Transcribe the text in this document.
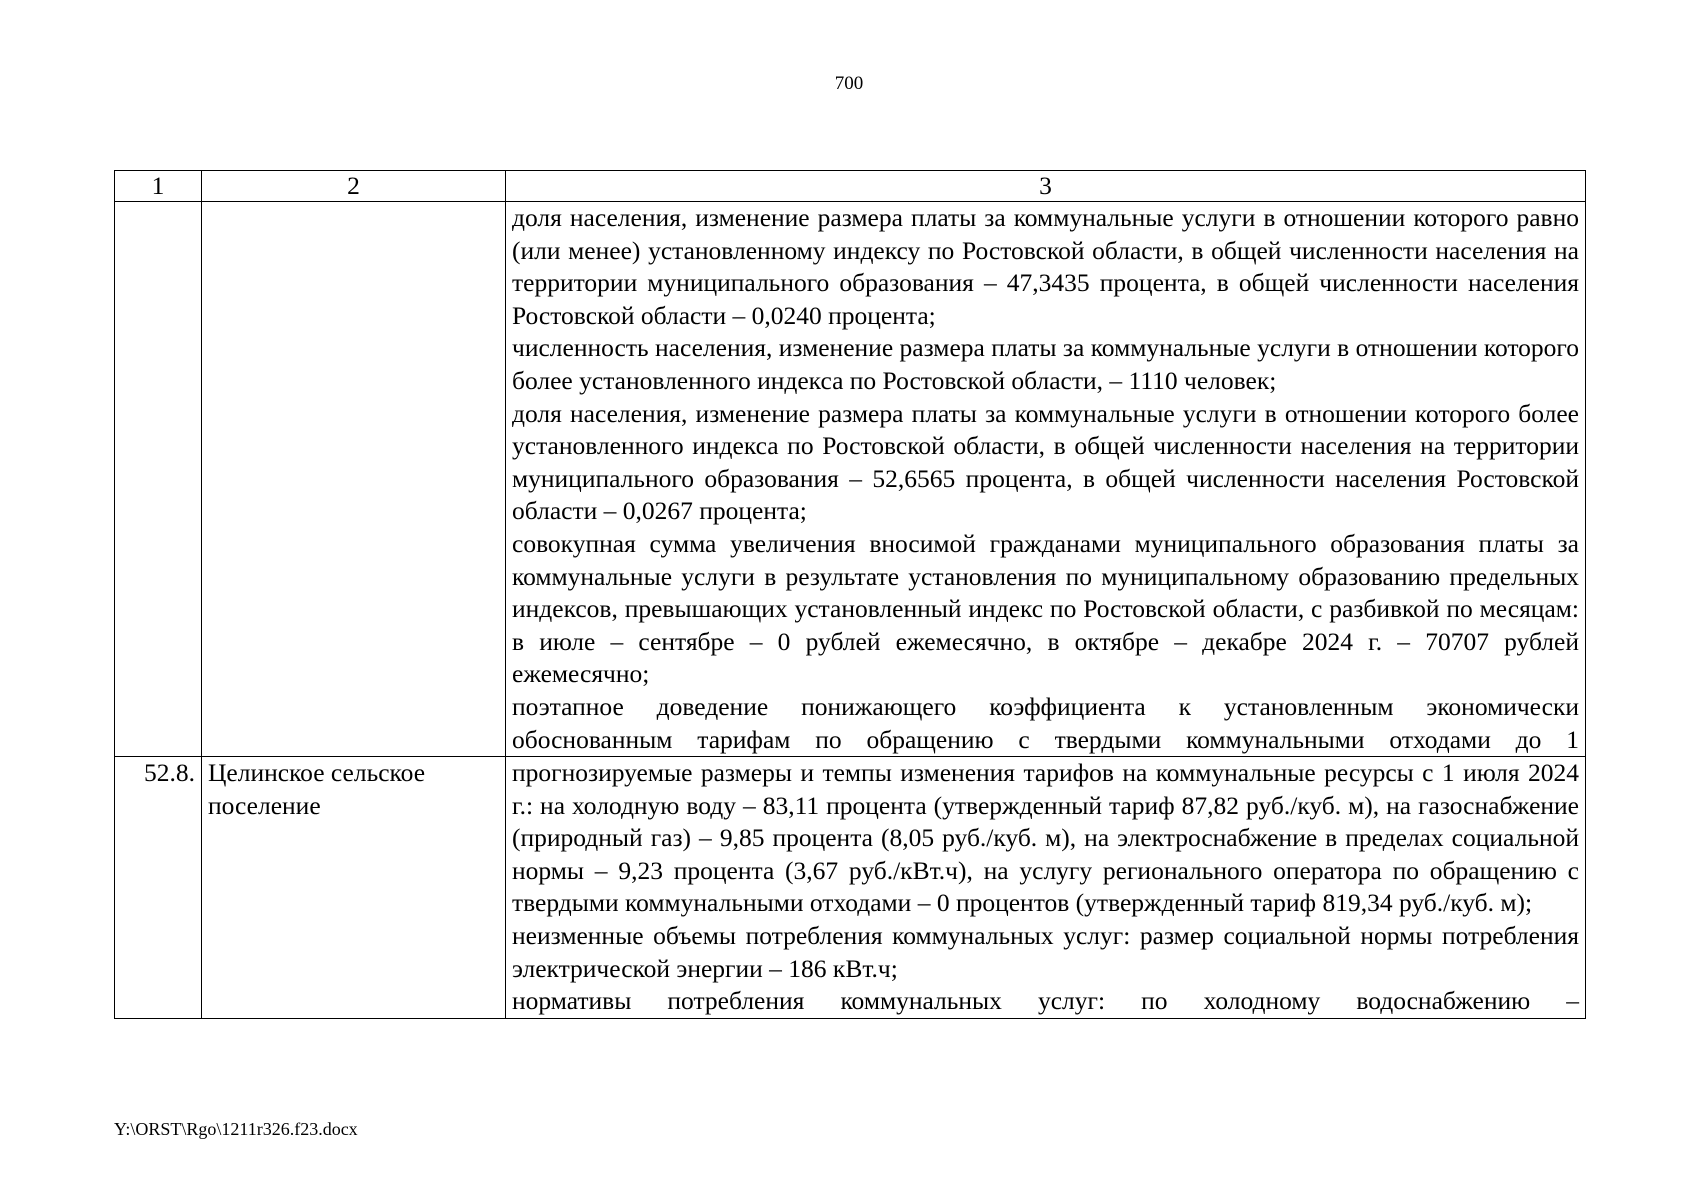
700
1	2	3

		доля населения, изменение размера платы за коммунальные услуги в отношении которого равно (или менее) установленному индексу по Ростовской области, в общей численности населения на территории муниципального образования – 47,3435 процента, в общей численности населения Ростовской области – 0,0240 процента;

численность населения, изменение размера платы за коммунальные услуги в отношении которого более установленного индекса по Ростовской области, – 1110 человек;

доля населения, изменение размера платы за коммунальные услуги в отношении которого более установленного индекса по Ростовской области, в общей численности населения на территории муниципального образования – 52,6565 процента, в общей численности населения Ростовской области – 0,0267 процента;

совокупная сумма увеличения вносимой гражданами муниципального образования платы за коммунальные услуги в результате установления по муниципальному образованию предельных индексов, превышающих установленный индекс по Ростовской области, с разбивкой по месяцам: в июле – сентябре – 0 рублей ежемесячно, в октябре – декабре 2024 г. – 70707 рублей ежемесячно;

поэтапное доведение понижающего коэффициента к установленным экономически обоснованным тарифам по обращению с твердыми коммунальными отходами до 1

52.8.	Целинское сельское поселение	прогнозируемые размеры и темпы изменения тарифов на коммунальные ресурсы с 1 июля 2024 г.: на холодную воду – 83,11 процента (утвержденный тариф 87,82 руб./куб. м), на газоснабжение (природный газ) – 9,85 процента (8,05 руб./куб. м), на электроснабжение в пределах социальной нормы – 9,23 процента (3,67 руб./кВт.ч), на услугу регионального оператора по обращению с твердыми коммунальными отходами – 0 процентов (утвержденный тариф 819,34 руб./куб. м);

неизменные объемы потребления коммунальных услуг: размер социальной нормы потребления электрической энергии – 186 кВт.ч;

нормативы потребления коммунальных услуг: по холодному водоснабжению –

Y:\ORST\Rgo\1211r326.f23.docx
